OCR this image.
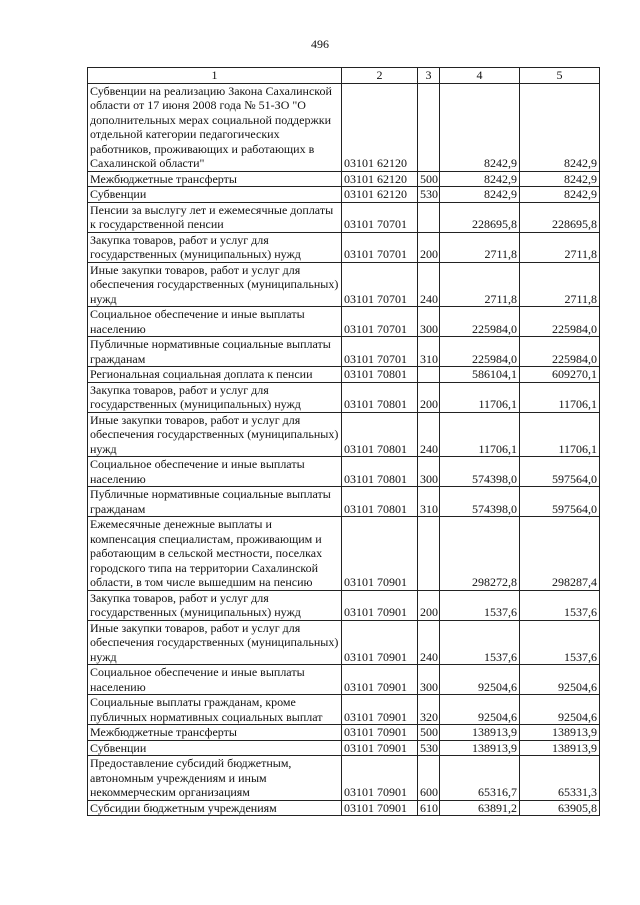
496
1	2	3	4	5
Субвенции на реализацию Закона Сахалинской области от 17 июня 2008 года № 51-ЗО "О дополнительных мерах социальной поддержки отдельной категории педагогических работников, проживающих и работающих в Сахалинской области"	03101 62120		8242,9	8242,9
Межбюджетные трансферты	03101 62120	500	8242,9	8242,9
Субвенции	03101 62120	530	8242,9	8242,9
Пенсии за выслугу лет и ежемесячные доплаты к государственной пенсии	03101 70701		228695,8	228695,8
Закупка товаров, работ и услуг для государственных (муниципальных) нужд	03101 70701	200	2711,8	2711,8
Иные закупки товаров, работ и услуг для обеспечения государственных (муниципальных) нужд	03101 70701	240	2711,8	2711,8
Социальное обеспечение и иные выплаты населению	03101 70701	300	225984,0	225984,0
Публичные нормативные социальные выплаты гражданам	03101 70701	310	225984,0	225984,0
Региональная социальная доплата к пенсии	03101 70801		586104,1	609270,1
Закупка товаров, работ и услуг для государственных (муниципальных) нужд	03101 70801	200	11706,1	11706,1
Иные закупки товаров, работ и услуг для обеспечения государственных (муниципальных) нужд	03101 70801	240	11706,1	11706,1
Социальное обеспечение и иные выплаты населению	03101 70801	300	574398,0	597564,0
Публичные нормативные социальные выплаты гражданам	03101 70801	310	574398,0	597564,0
Ежемесячные денежные выплаты и компенсация специалистам, проживающим и работающим в сельской местности, поселках городского типа на территории Сахалинской области, в том числе вышедшим на пенсию	03101 70901		298272,8	298287,4
Закупка товаров, работ и услуг для государственных (муниципальных) нужд	03101 70901	200	1537,6	1537,6
Иные закупки товаров, работ и услуг для обеспечения государственных (муниципальных) нужд	03101 70901	240	1537,6	1537,6
Социальное обеспечение и иные выплаты населению	03101 70901	300	92504,6	92504,6
Социальные выплаты гражданам, кроме публичных нормативных социальных выплат	03101 70901	320	92504,6	92504,6
Межбюджетные трансферты	03101 70901	500	138913,9	138913,9
Субвенции	03101 70901	530	138913,9	138913,9
Предоставление субсидий бюджетным, автономным учреждениям и иным некоммерческим организациям	03101 70901	600	65316,7	65331,3
Субсидии бюджетным учреждениям	03101 70901	610	63891,2	63905,8
